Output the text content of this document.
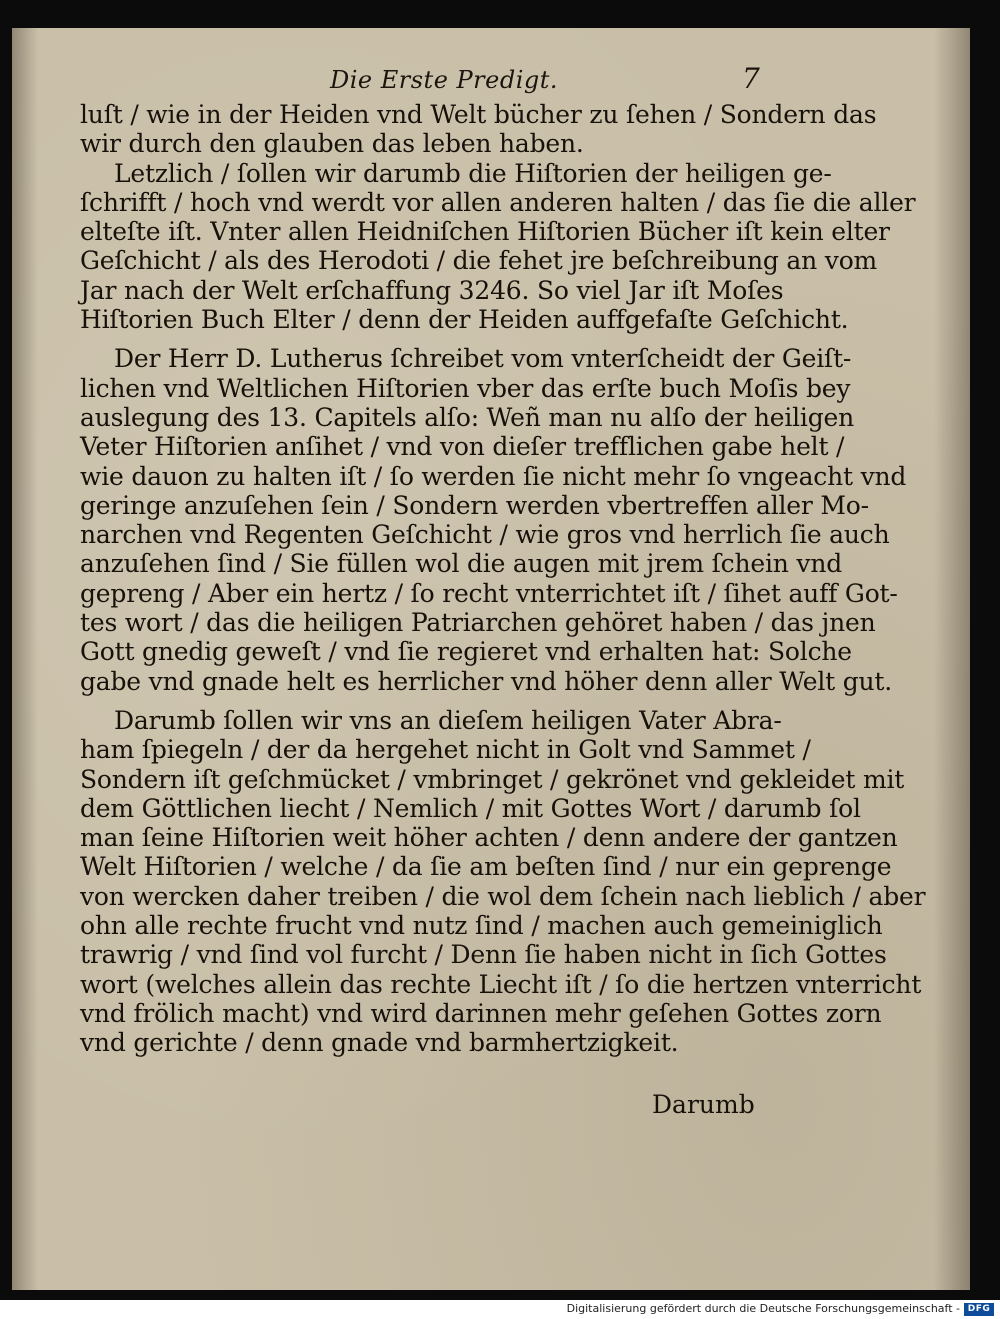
Die Erste Predigt.	7
luſt / wie in der Heiden vnd Welt bücher zu ſehen / Sondern das
wir durch den glauben das leben haben.
Letzlich / ſollen wir darumb die Hiſtorien der heiligen ge-
ſchrifft / hoch vnd werdt vor allen anderen halten / das ſie die aller
elteſte iſt. Vnter allen Heidniſchen Hiſtorien Bücher iſt kein elter
Geſchicht / als des Herodoti / die fehet jre beſchreibung an vom
Jar nach der Welt erſchaffung 3246. So viel Jar iſt Moſes
Hiſtorien Buch Elter / denn der Heiden auffgefaſte Geſchicht.
Der Herr D. Lutherus ſchreibet vom vnterſcheidt der Geiſt-
lichen vnd Weltlichen Hiſtorien vber das erſte buch Moſis bey
auslegung des 13. Capitels alſo: Weñ man nu alſo der heiligen
Veter Hiſtorien anſihet / vnd von dieſer trefflichen gabe helt /
wie dauon zu halten iſt / ſo werden ſie nicht mehr ſo vngeacht vnd
geringe anzuſehen ſein / Sondern werden vbertreffen aller Mo-
narchen vnd Regenten Geſchicht / wie gros vnd herrlich ſie auch
anzuſehen ſind / Sie füllen wol die augen mit jrem ſchein vnd
gepreng / Aber ein hertz / ſo recht vnterrichtet iſt / ſihet auff Got-
tes wort / das die heiligen Patriarchen gehöret haben / das jnen
Gott gnedig geweſt / vnd ſie regieret vnd erhalten hat: Solche
gabe vnd gnade helt es herrlicher vnd höher denn aller Welt gut.
Darumb ſollen wir vns an dieſem heiligen Vater Abra-
ham ſpiegeln / der da hergehet nicht in Golt vnd Sammet /
Sondern iſt geſchmücket / vmbringet / gekrönet vnd gekleidet mit
dem Göttlichen liecht / Nemlich / mit Gottes Wort / darumb ſol
man ſeine Hiſtorien weit höher achten / denn andere der gantzen
Welt Hiſtorien / welche / da ſie am beſten ſind / nur ein geprenge
von wercken daher treiben / die wol dem ſchein nach lieblich / aber
ohn alle rechte frucht vnd nutz ſind / machen auch gemeiniglich
trawrig / vnd ſind vol furcht / Denn ſie haben nicht in ſich Gottes
wort (welches allein das rechte Liecht iſt / ſo die hertzen vnterricht
vnd frölich macht) vnd wird darinnen mehr geſehen Gottes zorn
vnd gerichte / denn gnade vnd barmhertzigkeit.
Darumb
Digitalisierung gefördert durch die Deutsche Forschungsgemeinschaft - DFG
